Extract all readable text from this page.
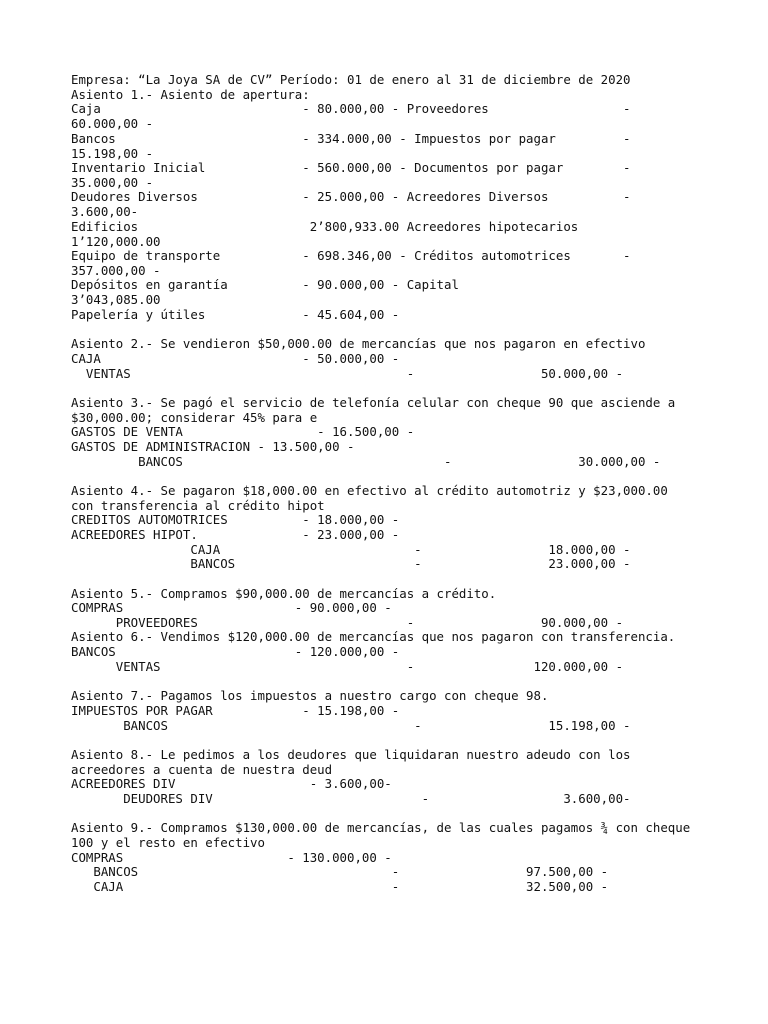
Empresa: “La Joya SA de CV” Período: 01 de enero al 31 de diciembre de 2020
Asiento 1.- Asiento de apertura:
Caja                           - 80.000,00 - Proveedores                  -
60.000,00 -
Bancos                         - 334.000,00 - Impuestos por pagar         -
15.198,00 -
Inventario Inicial             - 560.000,00 - Documentos por pagar        -
35.000,00 -
Deudores Diversos              - 25.000,00 - Acreedores Diversos          -
3.600,00-
Edificios                       2’800,933.00 Acreedores hipotecarios
1’120,000.00
Equipo de transporte           - 698.346,00 - Créditos automotrices       -
357.000,00 -
Depósitos en garantía          - 90.000,00 - Capital
3’043,085.00
Papelería y útiles             - 45.604,00 -
Asiento 2.- Se vendieron $50,000.00 de mercancías que nos pagaron en efectivo
CAJA                           - 50.000,00 -
VENTAS                                     -                 50.000,00 -
Asiento 3.- Se pagó el servicio de telefonía celular con cheque 90 que asciende a
$30,000.00; considerar 45% para e
GASTOS DE VENTA                  - 16.500,00 -
GASTOS DE ADMINISTRACION - 13.500,00 -
BANCOS                                   -                 30.000,00 -
Asiento 4.- Se pagaron $18,000.00 en efectivo al crédito automotriz y $23,000.00
con transferencia al crédito hipot
CREDITOS AUTOMOTRICES          - 18.000,00 -
ACREEDORES HIPOT.              - 23.000,00 -
CAJA                          -                 18.000,00 -
BANCOS                        -                 23.000,00 -
Asiento 5.- Compramos $90,000.00 de mercancías a crédito.
COMPRAS                       - 90.000,00 -
PROVEEDORES                            -                 90.000,00 -
Asiento 6.- Vendimos $120,000.00 de mercancías que nos pagaron con transferencia.
BANCOS                        - 120.000,00 -
VENTAS                                 -                120.000,00 -
Asiento 7.- Pagamos los impuestos a nuestro cargo con cheque 98.
IMPUESTOS POR PAGAR            - 15.198,00 -
BANCOS                                 -                 15.198,00 -
Asiento 8.- Le pedimos a los deudores que liquidaran nuestro adeudo con los
acreedores a cuenta de nuestra deud
ACREEDORES DIV                  - 3.600,00-
DEUDORES DIV                            -                  3.600,00-
Asiento 9.- Compramos $130,000.00 de mercancías, de las cuales pagamos ¾ con cheque
100 y el resto en efectivo
COMPRAS                      - 130.000,00 -
BANCOS                                  -                 97.500,00 -
CAJA                                    -                 32.500,00 -
